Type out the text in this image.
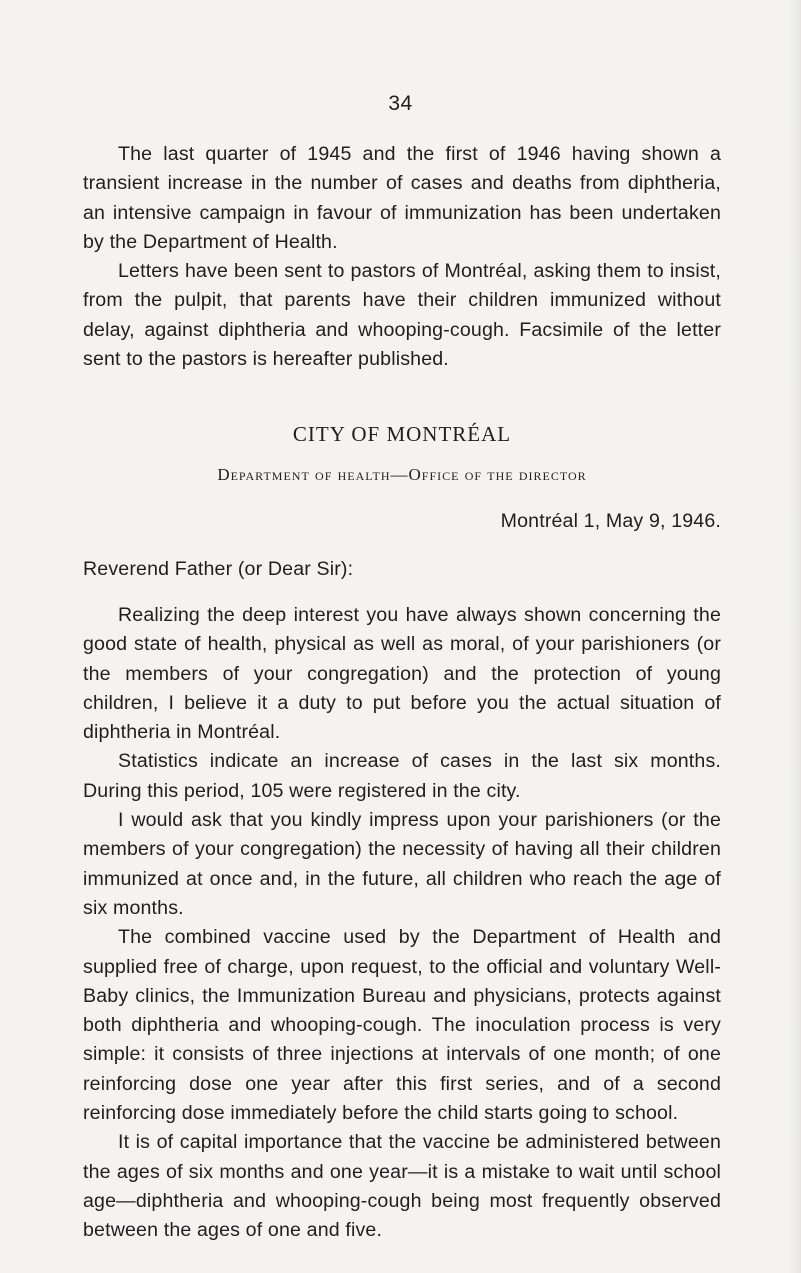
34

The last quarter of 1945 and the first of 1946 having shown a transient increase in the number of cases and deaths from diphtheria, an intensive campaign in favour of immunization has been undertaken by the Department of Health.

Letters have been sent to pastors of Montréal, asking them to insist, from the pulpit, that parents have their children immunized without delay, against diphtheria and whooping-cough. Facsimile of the letter sent to the pastors is hereafter published.

CITY OF MONTRÉAL
Department of health—Office of the director
Montréal 1, May 9, 1946.
Reverend Father (or Dear Sir):

Realizing the deep interest you have always shown concerning the good state of health, physical as well as moral, of your parishioners (or the members of your congregation) and the protection of young children, I believe it a duty to put before you the actual situation of diphtheria in Montréal.

Statistics indicate an increase of cases in the last six months. During this period, 105 were registered in the city.

I would ask that you kindly impress upon your parishioners (or the members of your congregation) the necessity of having all their children immunized at once and, in the future, all children who reach the age of six months.

The combined vaccine used by the Department of Health and supplied free of charge, upon request, to the official and voluntary Well-Baby clinics, the Immunization Bureau and physicians, protects against both diphtheria and whooping-cough. The inoculation process is very simple: it consists of three injections at intervals of one month; of one reinforcing dose one year after this first series, and of a second reinforcing dose immediately before the child starts going to school.

It is of capital importance that the vaccine be administered between the ages of six months and one year—it is a mistake to wait until school age—diphtheria and whooping-cough being most frequently observed between the ages of one and five.
